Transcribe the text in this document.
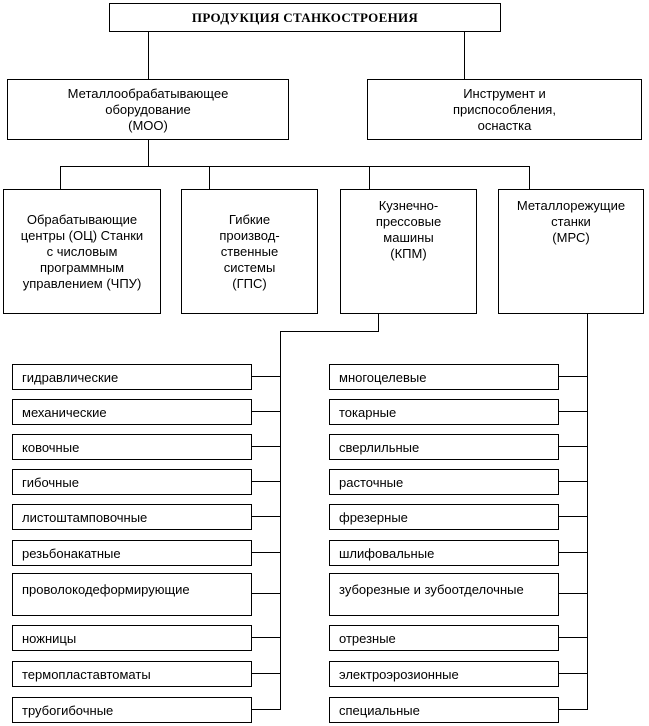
ПРОДУКЦИЯ СТАНКОСТРОЕНИЯ
Металлообрабатывающее
оборудование
(МОО)
Инструмент и
приспособления,
оснастка
Обрабатывающие
центры (ОЦ) Станки
с числовым
программным
управлением (ЧПУ)
Гибкие
производ-
ственные
системы
(ГПС)
Кузнечно-
прессовые
машины
(КПМ)
Металлорежущие
станки
(МРС)
гидравлические
механические
ковочные
гибочные
листоштамповочные
резьбонакатные
проволокодеформирующие
ножницы
термопластавтоматы
трубогибочные
многоцелевые
токарные
сверлильные
расточные
фрезерные
шлифовальные
зуборезные и зубоотделочные
отрезные
электроэрозионные
специальные
